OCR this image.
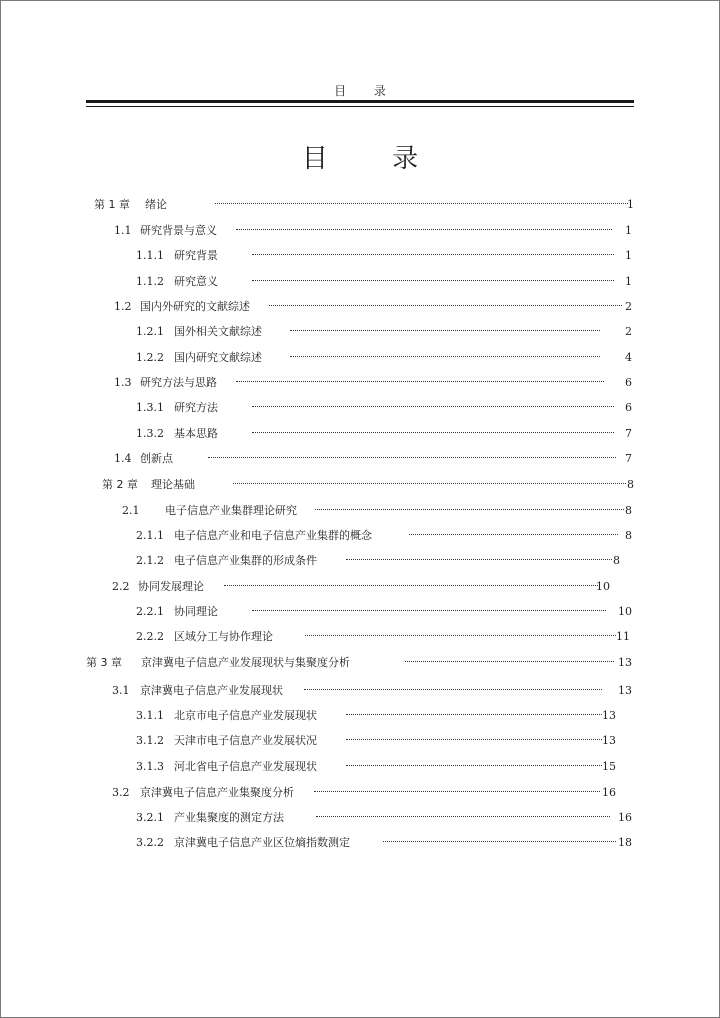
目 录
目 录
第 1 章 绪论	1
1.1 研究背景与意义	1
1.1.1 研究背景	1
1.1.2 研究意义	1
1.2 国内外研究的文献综述	2
1.2.1 国外相关文献综述	2
1.2.2 国内研究文献综述	4
1.3 研究方法与思路	6
1.3.1 研究方法	6
1.3.2 基本思路	7
1.4 创新点	7
第 2 章 理论基础	8
2.1 电子信息产业集群理论研究	8
2.1.1 电子信息产业和电子信息产业集群的概念	8
2.1.2 电子信息产业集群的形成条件	8
2.2 协同发展理论	10
2.2.1 协同理论	10
2.2.2 区域分工与协作理论	11
第 3 章 京津冀电子信息产业发展现状与集聚度分析	13
3.1 京津冀电子信息产业发展现状	13
3.1.1 北京市电子信息产业发展现状	13
3.1.2 天津市电子信息产业发展状况	13
3.1.3 河北省电子信息产业发展现状	15
3.2 京津冀电子信息产业集聚度分析	16
3.2.1 产业集聚度的测定方法	16
3.2.2 京津冀电子信息产业区位熵指数测定	18
